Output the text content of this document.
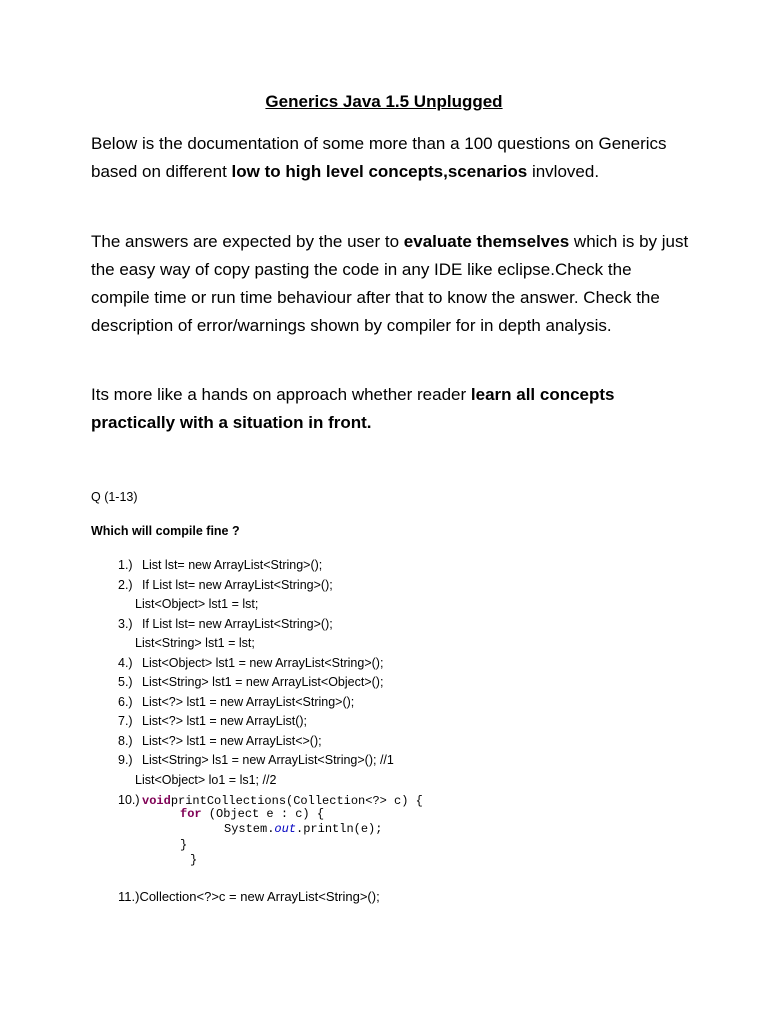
Generics Java 1.5 Unplugged
Below is the documentation of some more than a 100 questions on Generics based on different low to high level concepts,scenarios invloved.
The answers are expected by the user to evaluate themselves which is by just the easy way of copy pasting the code in any IDE like eclipse.Check the compile time or run time behaviour after that to know the answer. Check the description of error/warnings shown by compiler for in depth analysis.
Its more like a hands on approach whether reader learn all concepts practically with a situation in front.
Q (1-13)
Which will compile fine ?
1.) List lst= new ArrayList<String>();
2.) If List lst= new ArrayList<String>();
List<Object> lst1 = lst;
3.) If List lst= new ArrayList<String>();
List<String> lst1 = lst;
4.) List<Object> lst1 = new ArrayList<String>();
5.) List<String> lst1 = new ArrayList<Object>();
6.) List<?> lst1 = new ArrayList<String>();
7.) List<?> lst1 = new ArrayList();
8.) List<?> lst1 = new ArrayList<>();
9.) List<String> ls1 = new ArrayList<String>(); //1
List<Object> lo1 = ls1; //2
10.) voidprintCollections(Collection<?> c) {
for (Object e : c) {
System.out.println(e);
}
}
11.)Collection<?>c = new ArrayList<String>();
